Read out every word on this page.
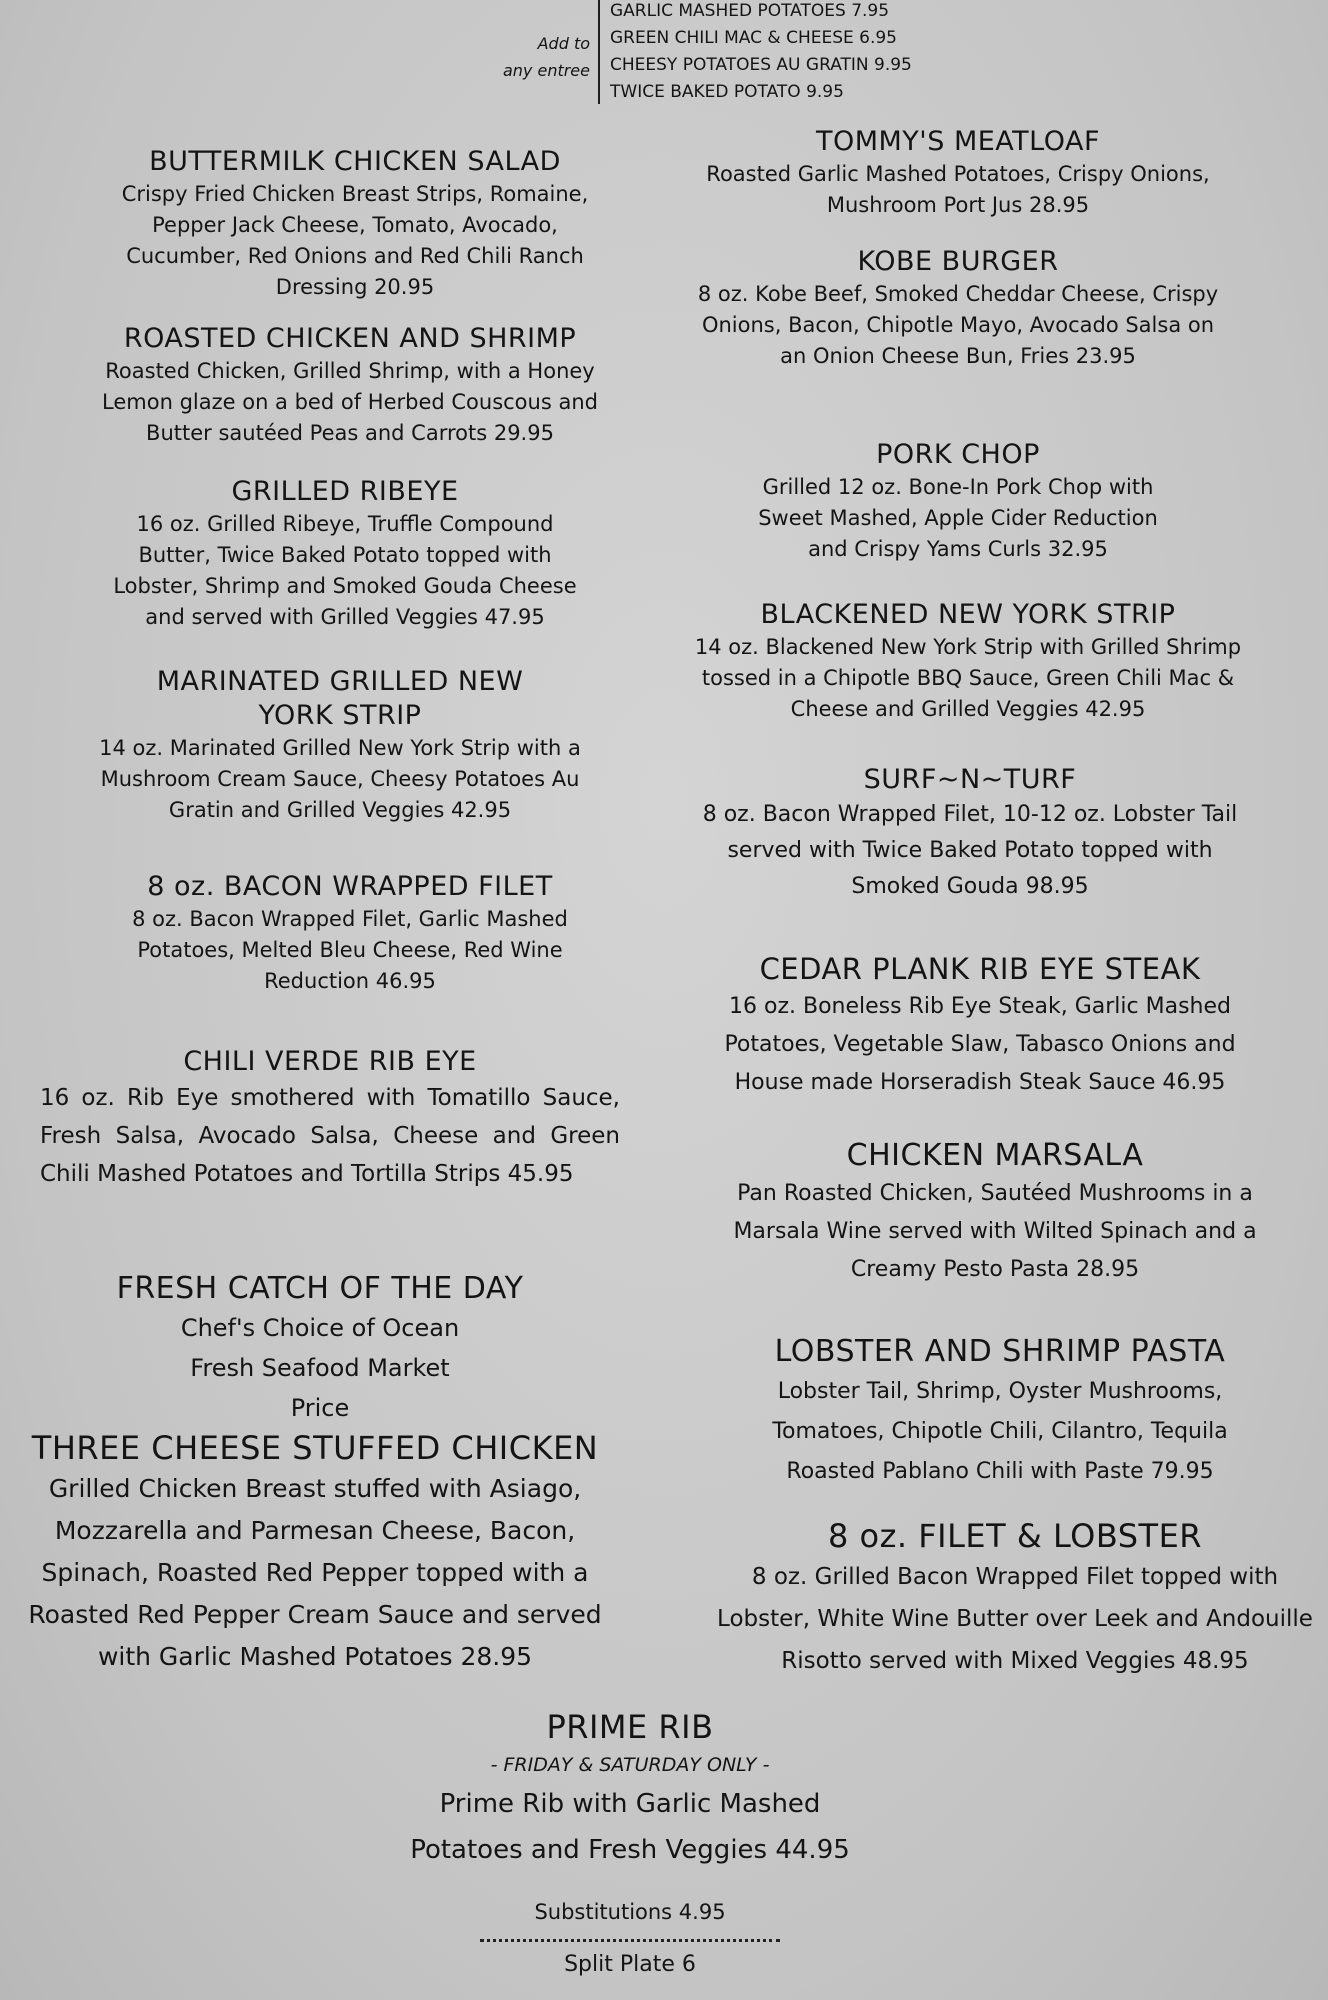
Add to
any entree
GARLIC MASHED POTATOES 7.95
GREEN CHILI MAC & CHEESE 6.95
CHEESY POTATOES AU GRATIN 9.95
TWICE BAKED POTATO 9.95
BUTTERMILK CHICKEN SALAD
Crispy Fried Chicken Breast Strips, Romaine, Pepper Jack Cheese, Tomato, Avocado, Cucumber, Red Onions and Red Chili Ranch Dressing 20.95
ROASTED CHICKEN AND SHRIMP
Roasted Chicken, Grilled Shrimp, with a Honey Lemon glaze on a bed of Herbed Couscous and Butter sautéed Peas and Carrots 29.95
GRILLED RIBEYE
16 oz. Grilled Ribeye, Truffle Compound Butter, Twice Baked Potato topped with Lobster, Shrimp and Smoked Gouda Cheese and served with Grilled Veggies 47.95
MARINATED GRILLED NEW YORK STRIP
14 oz. Marinated Grilled New York Strip with a Mushroom Cream Sauce, Cheesy Potatoes Au Gratin and Grilled Veggies 42.95
8 oz. BACON WRAPPED FILET
8 oz. Bacon Wrapped Filet, Garlic Mashed Potatoes, Melted Bleu Cheese, Red Wine Reduction 46.95
CHILI VERDE RIB EYE
16 oz. Rib Eye smothered with Tomatillo Sauce, Fresh Salsa, Avocado Salsa, Cheese and Green Chili Mashed Potatoes and Tortilla Strips 45.95
FRESH CATCH OF THE DAY
Chef's Choice of Ocean Fresh Seafood Market Price
THREE CHEESE STUFFED CHICKEN
Grilled Chicken Breast stuffed with Asiago, Mozzarella and Parmesan Cheese, Bacon, Spinach, Roasted Red Pepper topped with a Roasted Red Pepper Cream Sauce and served with Garlic Mashed Potatoes 28.95
TOMMY'S MEATLOAF
Roasted Garlic Mashed Potatoes, Crispy Onions, Mushroom Port Jus 28.95
KOBE BURGER
8 oz. Kobe Beef, Smoked Cheddar Cheese, Crispy Onions, Bacon, Chipotle Mayo, Avocado Salsa on an Onion Cheese Bun, Fries 23.95
PORK CHOP
Grilled 12 oz. Bone-In Pork Chop with Sweet Mashed, Apple Cider Reduction and Crispy Yams Curls 32.95
BLACKENED NEW YORK STRIP
14 oz. Blackened New York Strip with Grilled Shrimp tossed in a Chipotle BBQ Sauce, Green Chili Mac & Cheese and Grilled Veggies 42.95
SURF~N~TURF
8 oz. Bacon Wrapped Filet, 10-12 oz. Lobster Tail served with Twice Baked Potato topped with Smoked Gouda 98.95
CEDAR PLANK RIB EYE STEAK
16 oz. Boneless Rib Eye Steak, Garlic Mashed Potatoes, Vegetable Slaw, Tabasco Onions and House made Horseradish Steak Sauce 46.95
CHICKEN MARSALA
Pan Roasted Chicken, Sautéed Mushrooms in a Marsala Wine served with Wilted Spinach and a Creamy Pesto Pasta 28.95
LOBSTER AND SHRIMP PASTA
Lobster Tail, Shrimp, Oyster Mushrooms, Tomatoes, Chipotle Chili, Cilantro, Tequila Roasted Pablano Chili with Paste 79.95
8 oz. FILET & LOBSTER
8 oz. Grilled Bacon Wrapped Filet topped with Lobster, White Wine Butter over Leek and Andouille Risotto served with Mixed Veggies 48.95
PRIME RIB
- FRIDAY & SATURDAY ONLY -
Prime Rib with Garlic Mashed Potatoes and Fresh Veggies 44.95
Substitutions 4.95
Split Plate 6
